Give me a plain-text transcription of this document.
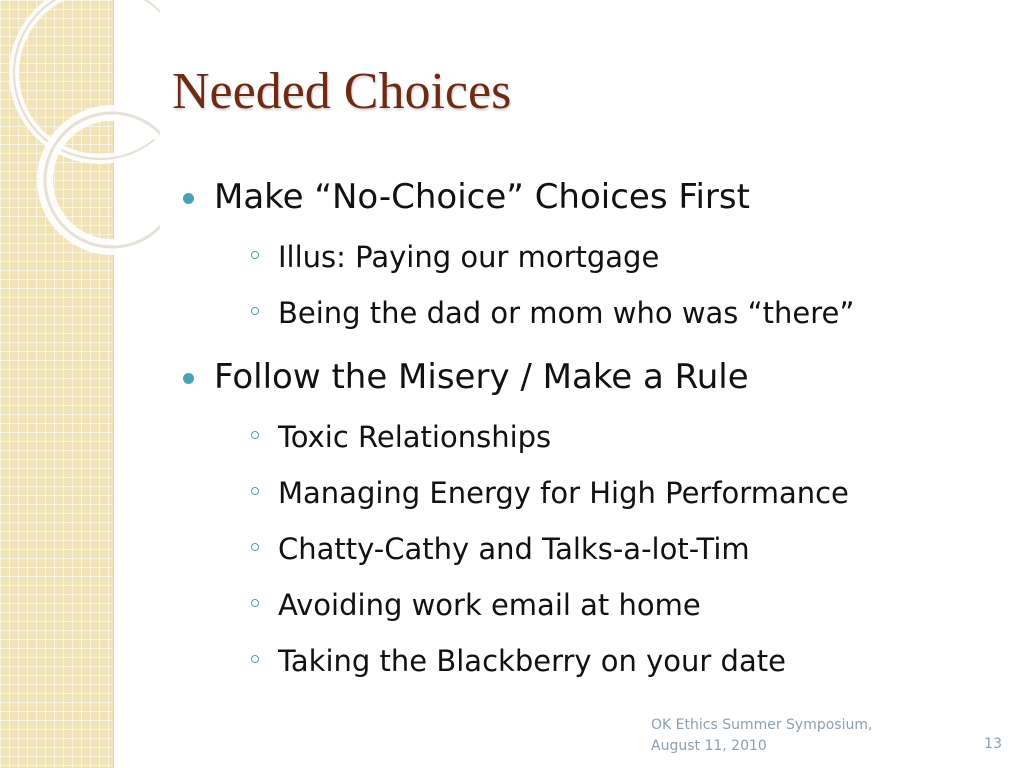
Needed Choices
Make “No-Choice” Choices First
Illus: Paying our mortgage
Being the dad or mom who was “there”
Follow the Misery / Make a Rule
Toxic Relationships
Managing Energy for High Performance
Chatty-Cathy and Talks-a-lot-Tim
Avoiding work email at home
Taking the Blackberry on your date
OK Ethics Summer Symposium,
August 11, 2010	13
